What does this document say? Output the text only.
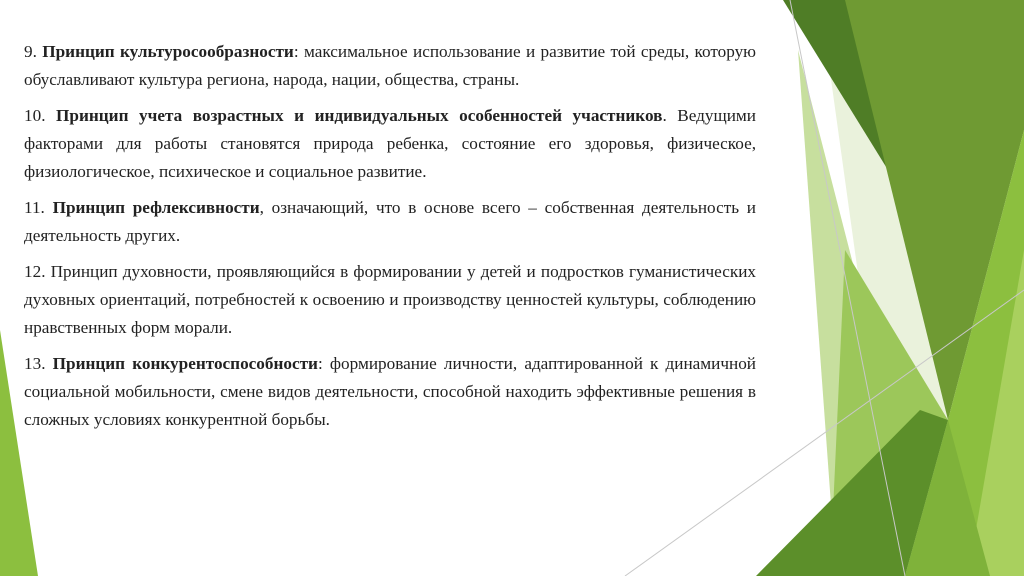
9. Принцип культуросообразности: максимальное использование и развитие той среды, которую обуславливают культура региона, народа, нации, общества, страны.

10. Принцип учета возрастных и индивидуальных особенностей участников. Ведущими факторами для работы становятся природа ребенка, состояние его здоровья, физическое, физиологическое, психическое и социальное развитие.

11. Принцип рефлексивности, означающий, что в основе всего – собственная деятельность и деятельность других.

12. Принцип духовности, проявляющийся в формировании у детей и подростков гуманистических духовных ориентаций, потребностей к освоению и производству ценностей культуры, соблюдению нравственных форм морали.

13. Принцип конкурентоспособности: формирование личности, адаптированной к динамичной социальной мобильности, смене видов деятельности, способной находить эффективные решения в сложных условиях конкурентной борьбы.
